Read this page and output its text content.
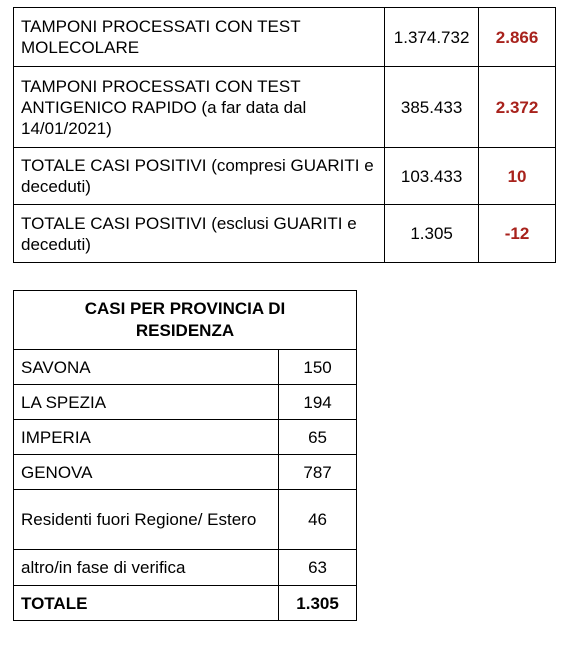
TAMPONI PROCESSATI CON TEST MOLECOLARE	1.374.732	2.866
TAMPONI PROCESSATI CON TEST ANTIGENICO RAPIDO (a far data dal 14/01/2021)	385.433	2.372
TOTALE CASI POSITIVI (compresi GUARITI e deceduti)	103.433	10
TOTALE CASI POSITIVI (esclusi GUARITI e deceduti)	1.305	-12
CASI PER PROVINCIA DI RESIDENZA	
SAVONA	150
LA SPEZIA	194
IMPERIA	65
GENOVA	787
Residenti fuori Regione/ Estero	46
altro/in fase di verifica	63
TOTALE	1.305
